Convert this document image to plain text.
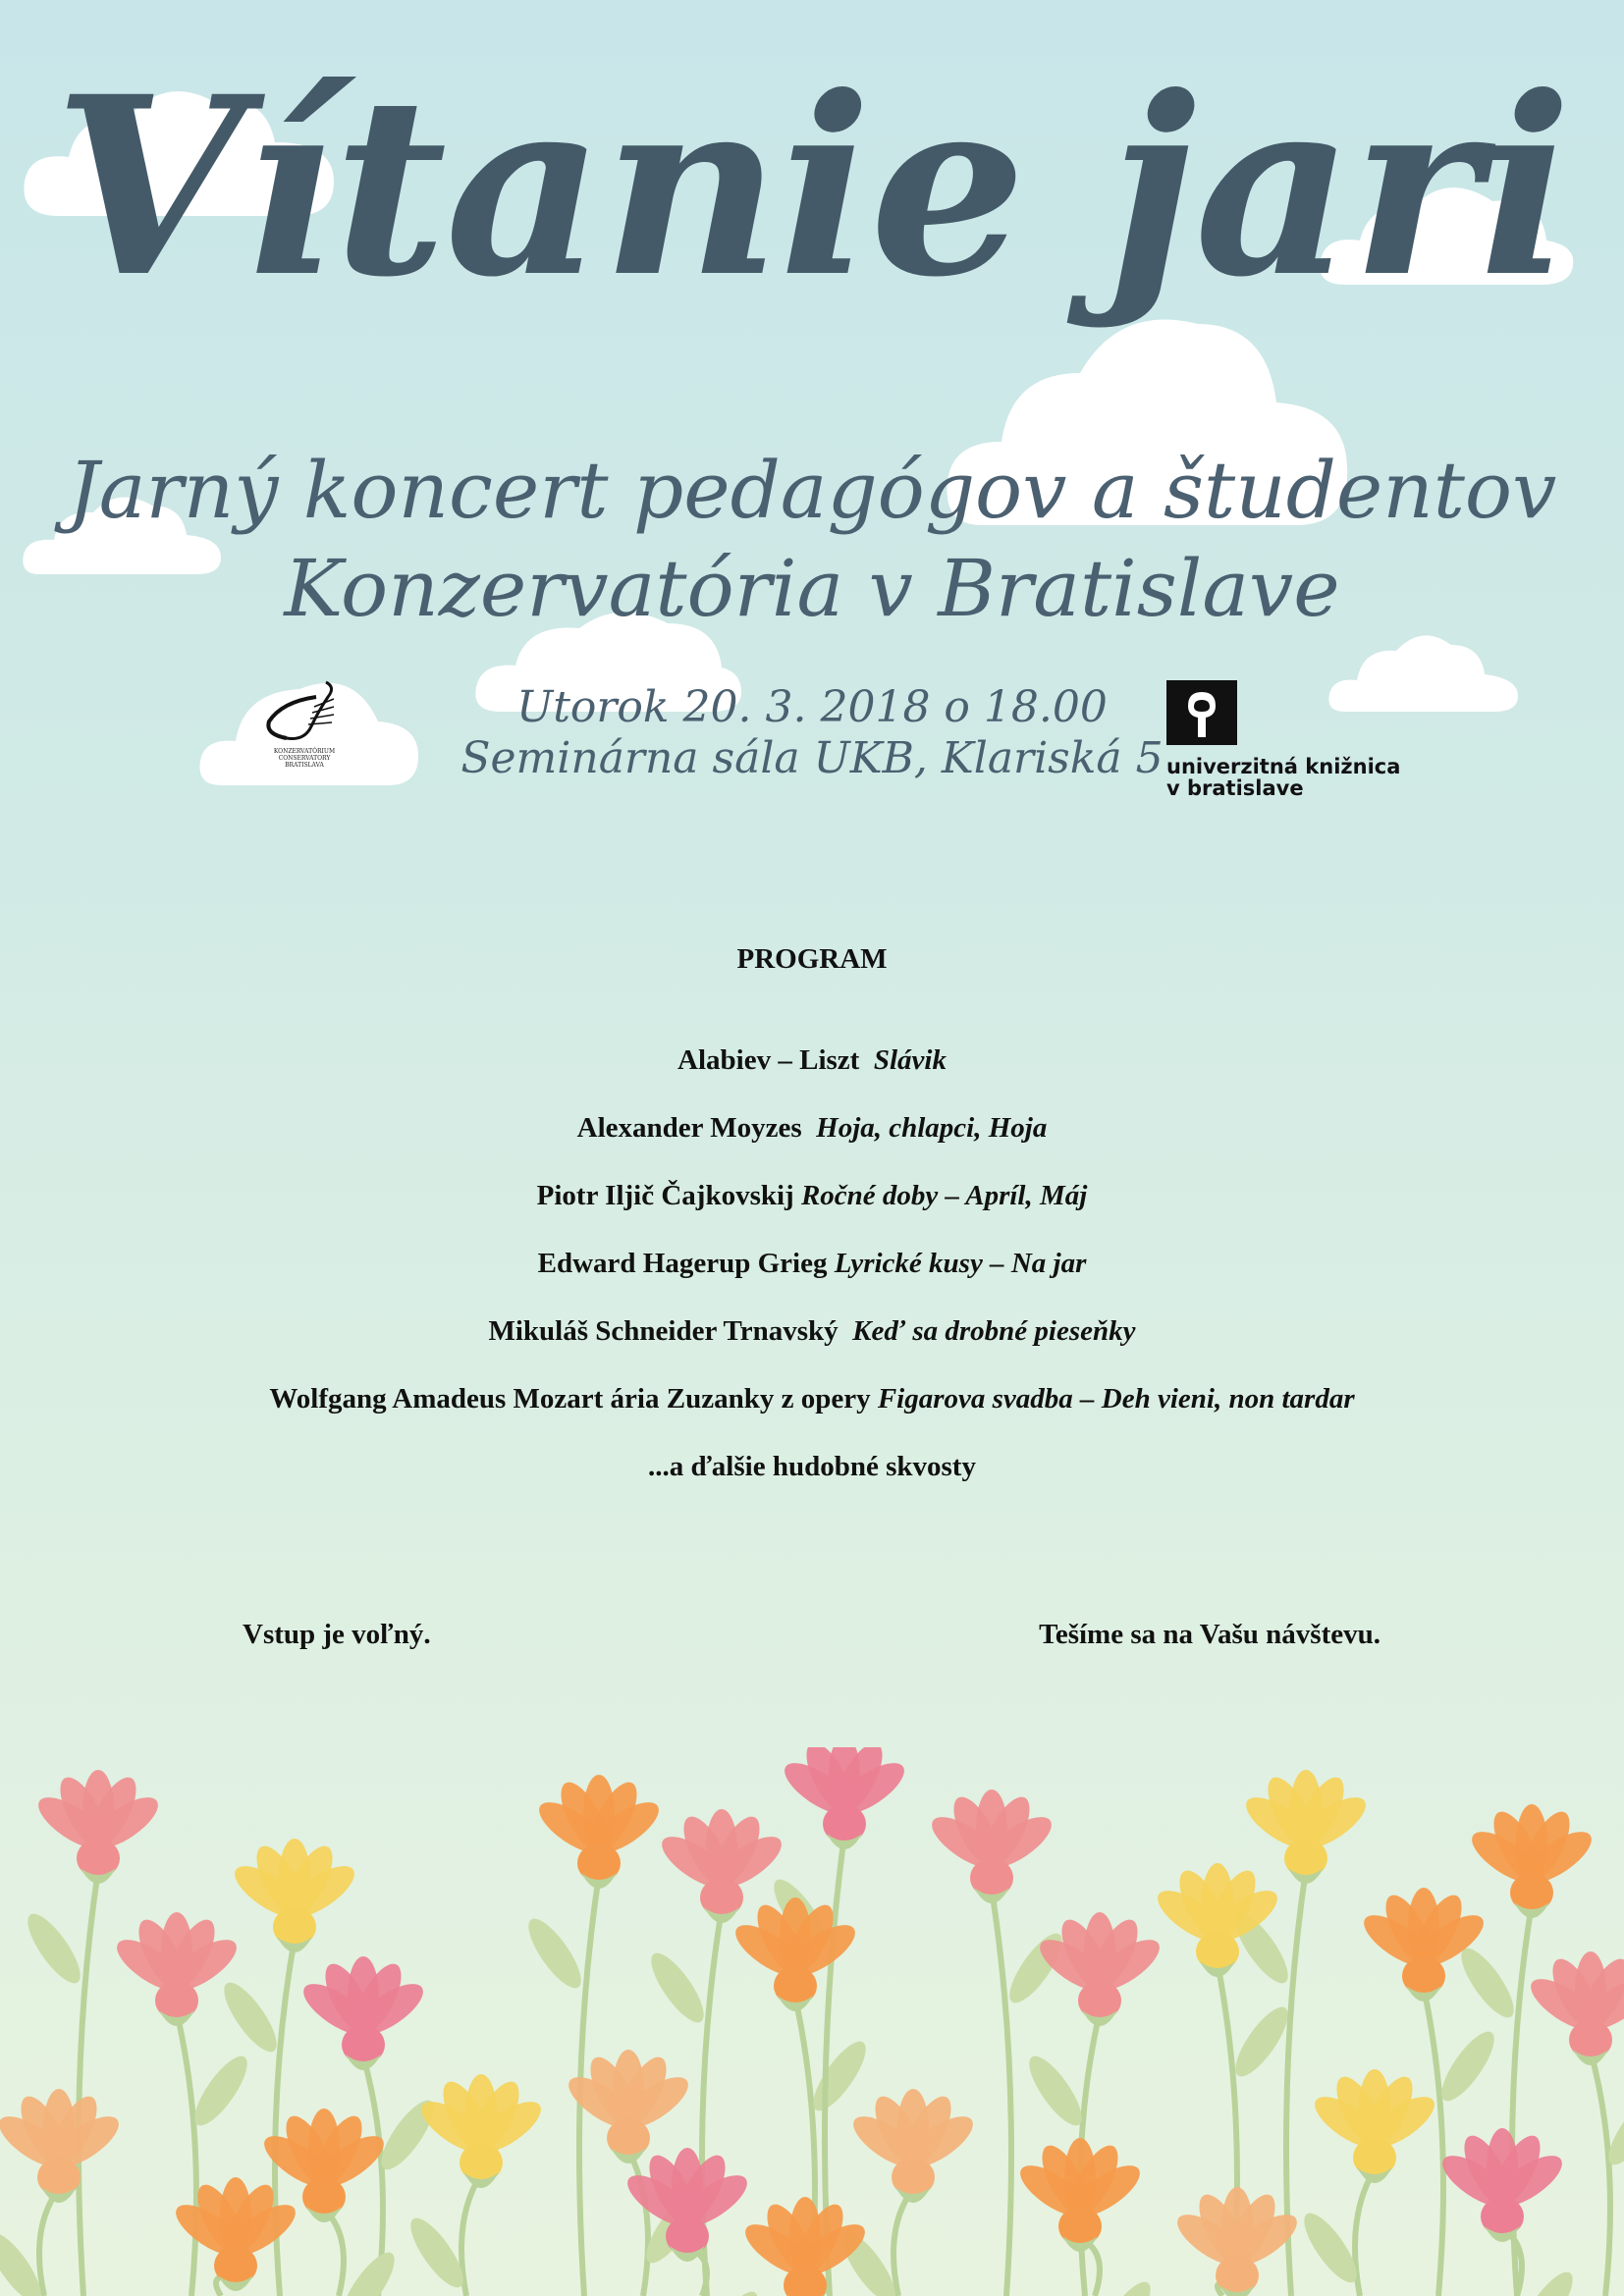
Vítanie jari
Jarný koncert pedagógov a študentov
Konzervatória v Bratislave
Utorok 20. 3. 2018 o 18.00
Seminárna sála UKB, Klariská 5
KONZERVATÓRIUM
CONSERVATORY
BRATISLAVA	univerzitná knižnica
v bratislave
PROGRAM
Alabiev – Liszt Slávik
Alexander Moyzes Hoja, chlapci, Hoja
Piotr Iljič Čajkovskij Ročné doby – Apríl, Máj
Edward Hagerup Grieg Lyrické kusy – Na jar
Mikuláš Schneider Trnavský Keď sa drobné pieseňky
Wolfgang Amadeus Mozart ária Zuzanky z opery Figarova svadba – Deh vieni, non tardar
...a ďalšie hudobné skvosty
Vstup je voľný.	Tešíme sa na Vašu návštevu.
